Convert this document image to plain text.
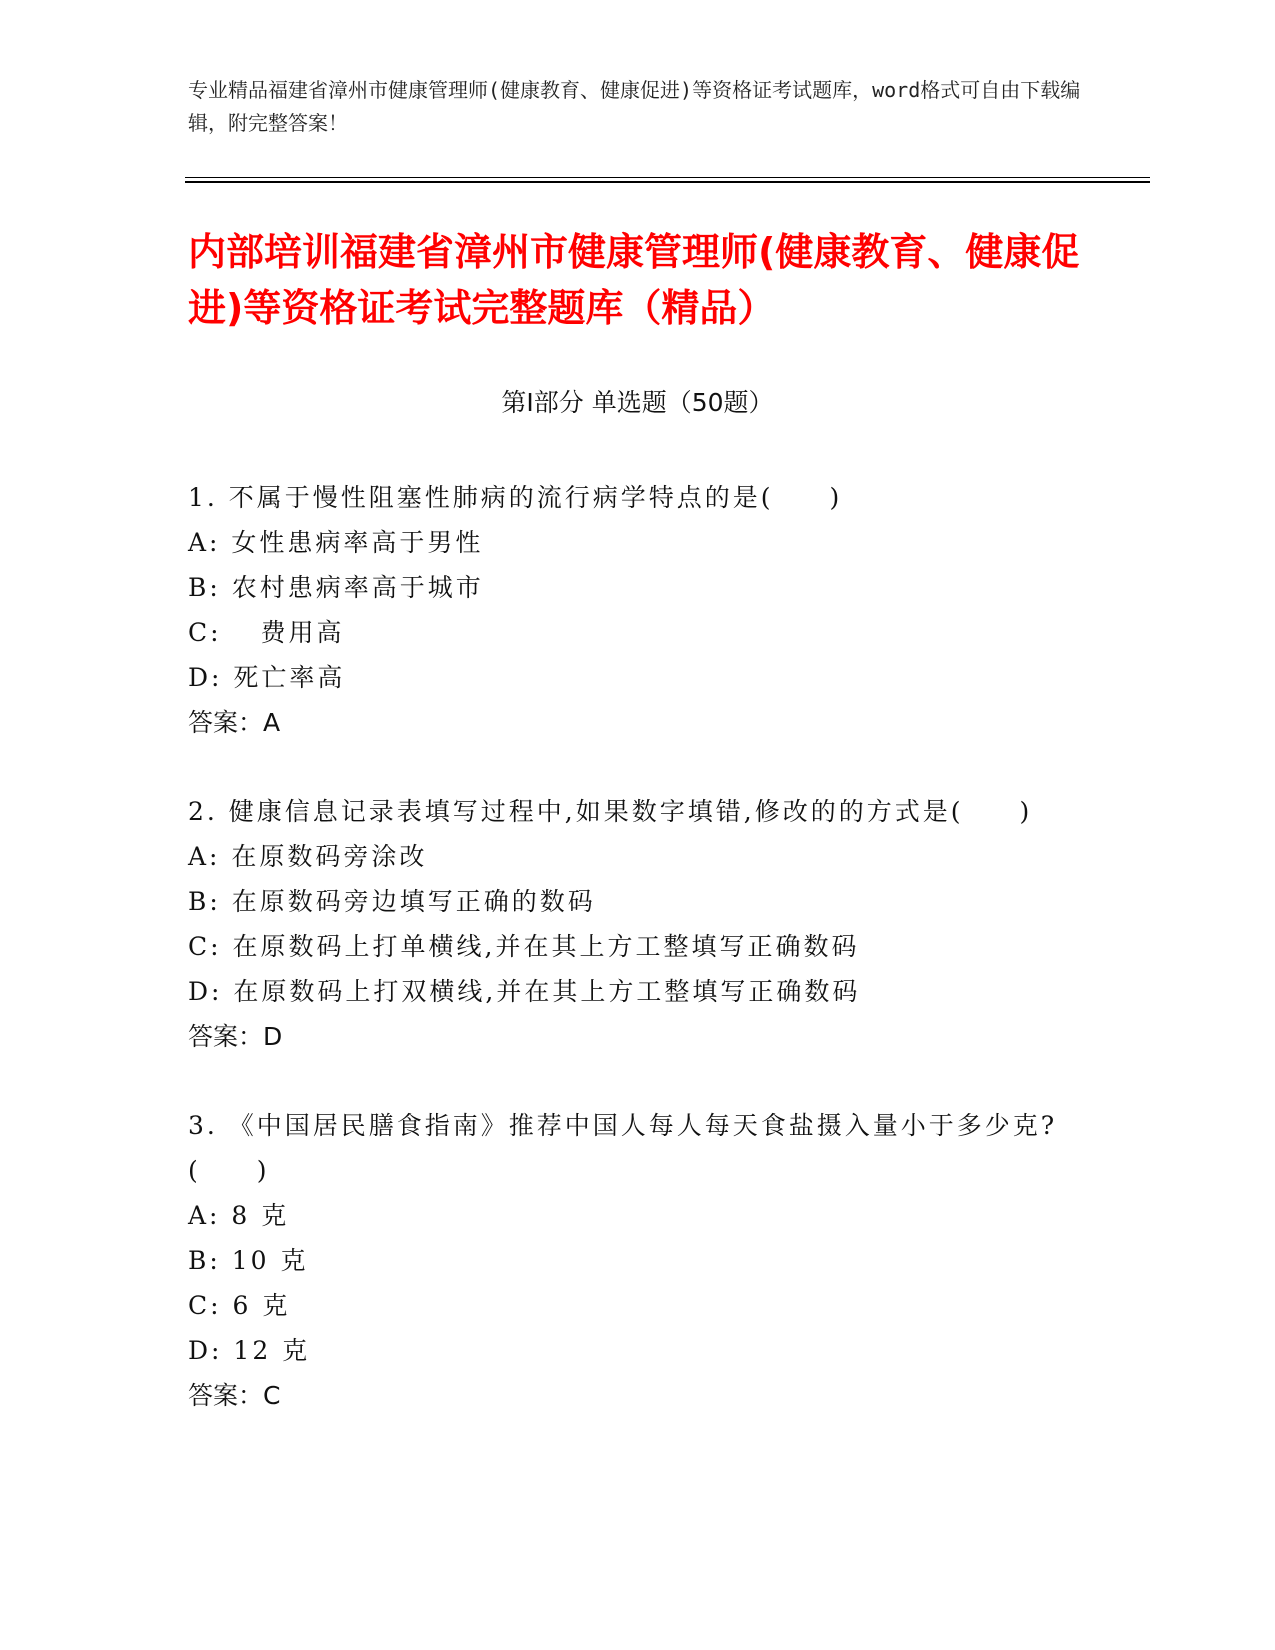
专业精品福建省漳州市健康管理师(健康教育、健康促进)等资格证考试题库，word格式可自由下载编辑，附完整答案！
内部培训福建省漳州市健康管理师(健康教育、健康促进)等资格证考试完整题库（精品）
第Ⅰ部分 单选题（50题）
1. 不属于慢性阻塞性肺病的流行病学特点的是(　　)
A: 女性患病率高于男性
B: 农村患病率高于城市
C: 　费用高
D: 死亡率高
答案：A
2. 健康信息记录表填写过程中,如果数字填错,修改的的方式是(　　)
A: 在原数码旁涂改
B: 在原数码旁边填写正确的数码
C: 在原数码上打单横线,并在其上方工整填写正确数码
D: 在原数码上打双横线,并在其上方工整填写正确数码
答案：D
3. 《中国居民膳食指南》推荐中国人每人每天食盐摄入量小于多少克?(　　)
A: 8 克
B: 10 克
C: 6 克
D: 12 克
答案：C
